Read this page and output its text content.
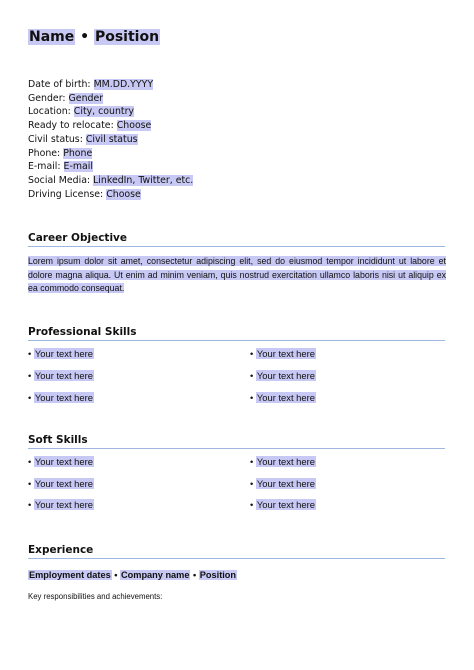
Name • Position
Date of birth: MM.DD.YYYY
Gender: Gender
Location: City, country
Ready to relocate: Choose
Civil status: Civil status
Phone: Phone
E-mail: E-mail
Social Media: LinkedIn, Twitter, etc.
Driving License: Choose
Career Objective
Lorem ipsum dolor sit amet, consectetur adipiscing elit, sed do eiusmod tempor incididunt ut labore et dolore magna aliqua. Ut enim ad minim veniam, quis nostrud exercitation ullamco laboris nisi ut aliquip ex ea commodo consequat.
Professional Skills
• Your text here
• Your text here
• Your text here
• Your text here
• Your text here
• Your text here
Soft Skills
• Your text here
• Your text here
• Your text here
• Your text here
• Your text here
• Your text here
Experience
Employment dates • Company name • Position
Key responsibilities and achievements:
